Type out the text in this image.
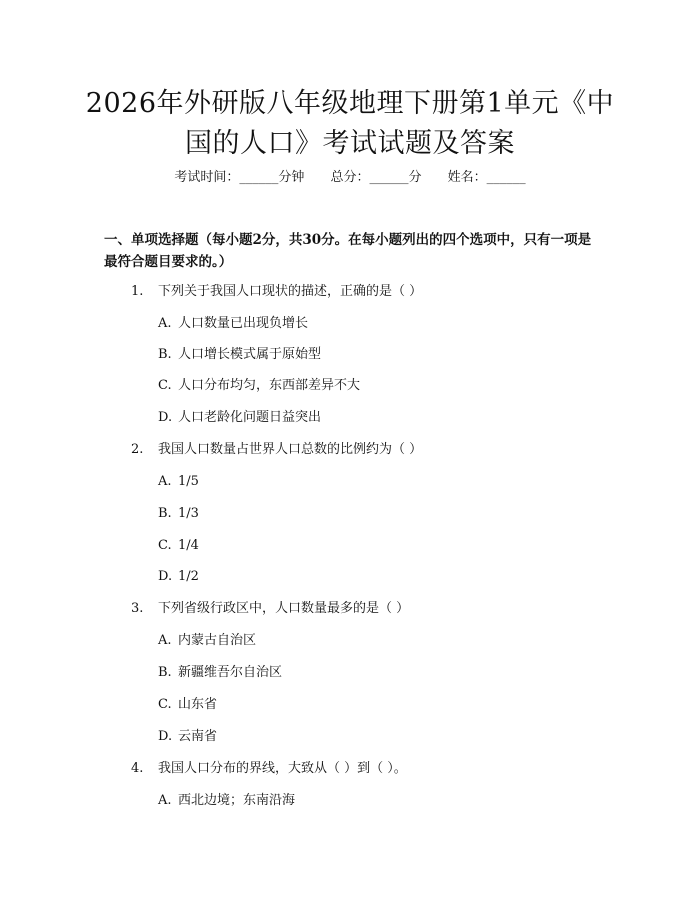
2026年外研版八年级地理下册第1单元《中国的人口》考试试题及答案
考试时间：______分钟 总分：______分 姓名：______

一、单项选择题（每小题2分，共30分。在每小题列出的四个选项中，只有一项是最符合题目要求的。）

1. 下列关于我国人口现状的描述，正确的是（ ）
A. 人口数量已出现负增长
B. 人口增长模式属于原始型
C. 人口分布均匀，东西部差异不大
D. 人口老龄化问题日益突出
2. 我国人口数量占世界人口总数的比例约为（ ）
A. 1/5
B. 1/3
C. 1/4
D. 1/2
3. 下列省级行政区中，人口数量最多的是（ ）
A. 内蒙古自治区
B. 新疆维吾尔自治区
C. 山东省
D. 云南省
4. 我国人口分布的界线，大致从（ ）到（ ）。
A. 西北边境；东南沿海
